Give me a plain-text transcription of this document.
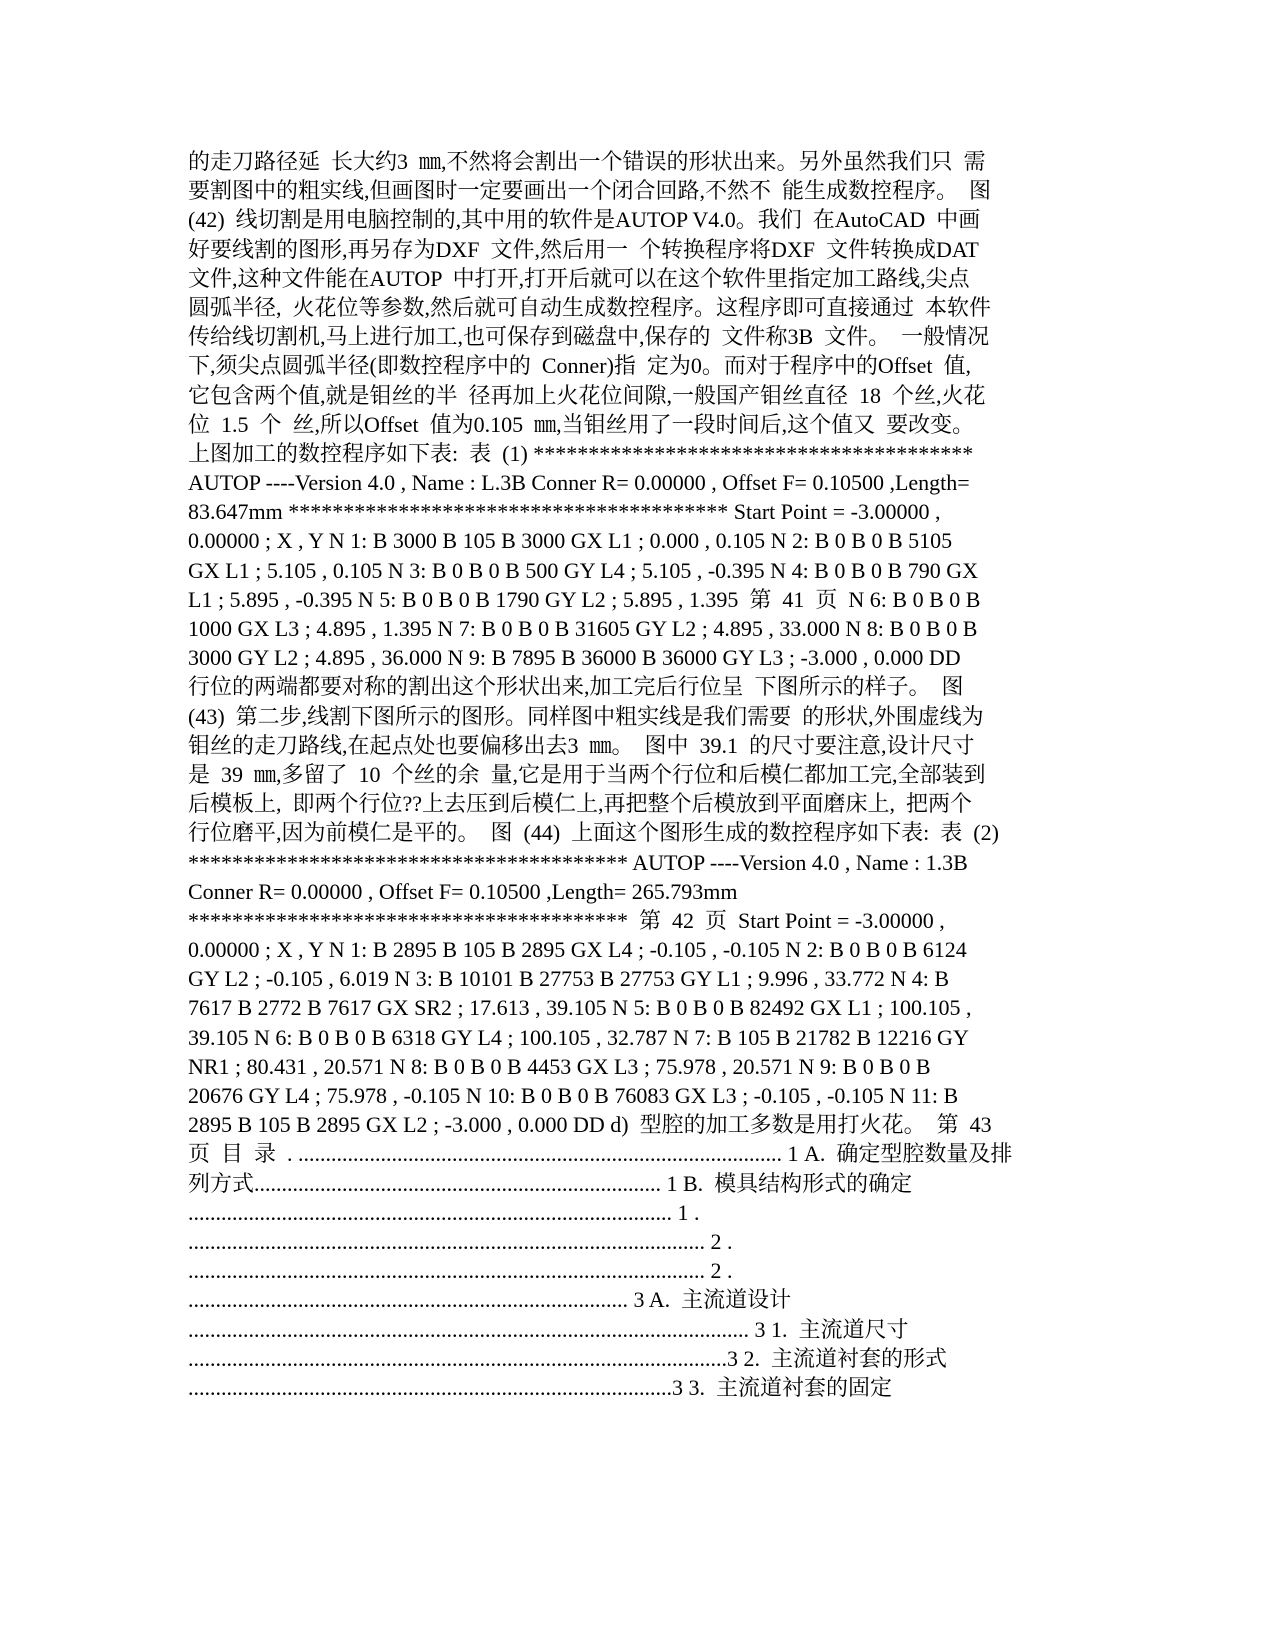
的走刀路径延  长大约3  ㎜,不然将会割出一个错误的形状出来。另外虽然我们只  需
要割图中的粗实线,但画图时一定要画出一个闭合回路,不然不  能生成数控程序。  图
(42)  线切割是用电脑控制的,其中用的软件是AUTOP V4.0。我们  在AutoCAD  中画
好要线割的图形,再另存为DXF  文件,然后用一  个转换程序将DXF  文件转换成DAT
文件,这种文件能在AUTOP  中打开,打开后就可以在这个软件里指定加工路线,尖点
圆弧半径,  火花位等参数,然后就可自动生成数控程序。这程序即可直接通过  本软件
传给线切割机,马上进行加工,也可保存到磁盘中,保存的  文件称3B  文件。  一般情况
下,须尖点圆弧半径(即数控程序中的  Conner)指  定为0。而对于程序中的Offset  值,
它包含两个值,就是钼丝的半  径再加上火花位间隙,一般国产钼丝直径  18  个丝,火花
位  1.5  个  丝,所以Offset  值为0.105  ㎜,当钼丝用了一段时间后,这个值又  要改变。
上图加工的数控程序如下表:  表  (1) ****************************************
AUTOP ----Version 4.0 , Name : L.3B Conner R= 0.00000 , Offset F= 0.10500 ,Length=
83.647mm **************************************** Start Point = -3.00000 ,
0.00000 ; X , Y N 1: B 3000 B 105 B 3000 GX L1 ; 0.000 , 0.105 N 2: B 0 B 0 B 5105
GX L1 ; 5.105 , 0.105 N 3: B 0 B 0 B 500 GY L4 ; 5.105 , -0.395 N 4: B 0 B 0 B 790 GX
L1 ; 5.895 , -0.395 N 5: B 0 B 0 B 1790 GY L2 ; 5.895 , 1.395  第  41  页  N 6: B 0 B 0 B
1000 GX L3 ; 4.895 , 1.395 N 7: B 0 B 0 B 31605 GY L2 ; 4.895 , 33.000 N 8: B 0 B 0 B
3000 GY L2 ; 4.895 , 36.000 N 9: B 7895 B 36000 B 36000 GY L3 ; -3.000 , 0.000 DD
行位的两端都要对称的割出这个形状出来,加工完后行位呈  下图所示的样子。  图
(43)  第二步,线割下图所示的图形。同样图中粗实线是我们需要  的形状,外围虚线为
钼丝的走刀路线,在起点处也要偏移出去3  ㎜。  图中  39.1  的尺寸要注意,设计尺寸
是  39  ㎜,多留了  10  个丝的余  量,它是用于当两个行位和后模仁都加工完,全部装到
后模板上,  即两个行位??上去压到后模仁上,再把整个后模放到平面磨床上,  把两个
行位磨平,因为前模仁是平的。  图  (44)  上面这个图形生成的数控程序如下表:  表  (2)
**************************************** AUTOP ----Version 4.0 , Name : 1.3B
Conner R= 0.00000 , Offset F= 0.10500 ,Length= 265.793mm
****************************************  第  42  页  Start Point = -3.00000 ,
0.00000 ; X , Y N 1: B 2895 B 105 B 2895 GX L4 ; -0.105 , -0.105 N 2: B 0 B 0 B 6124
GY L2 ; -0.105 , 6.019 N 3: B 10101 B 27753 B 27753 GY L1 ; 9.996 , 33.772 N 4: B
7617 B 2772 B 7617 GX SR2 ; 17.613 , 39.105 N 5: B 0 B 0 B 82492 GX L1 ; 100.105 ,
39.105 N 6: B 0 B 0 B 6318 GY L4 ; 100.105 , 32.787 N 7: B 105 B 21782 B 12216 GY
NR1 ; 80.431 , 20.571 N 8: B 0 B 0 B 4453 GX L3 ; 75.978 , 20.571 N 9: B 0 B 0 B
20676 GY L4 ; 75.978 , -0.105 N 10: B 0 B 0 B 76083 GX L3 ; -0.105 , -0.105 N 11: B
2895 B 105 B 2895 GX L2 ; -3.000 , 0.000 DD d)  型腔的加工多数是用打火花。  第  43
页  目  录  . ........................................................................................ 1 A.  确定型腔数量及排
列方式.......................................................................... 1 B.  模具结构形式的确定
........................................................................................ 1 .
.............................................................................................. 2 .
.............................................................................................. 2 .
................................................................................ 3 A.  主流道设计
...................................................................................................... 3 1.  主流道尺寸
..................................................................................................3 2.  主流道衬套的形式
........................................................................................3 3.  主流道衬套的固定
